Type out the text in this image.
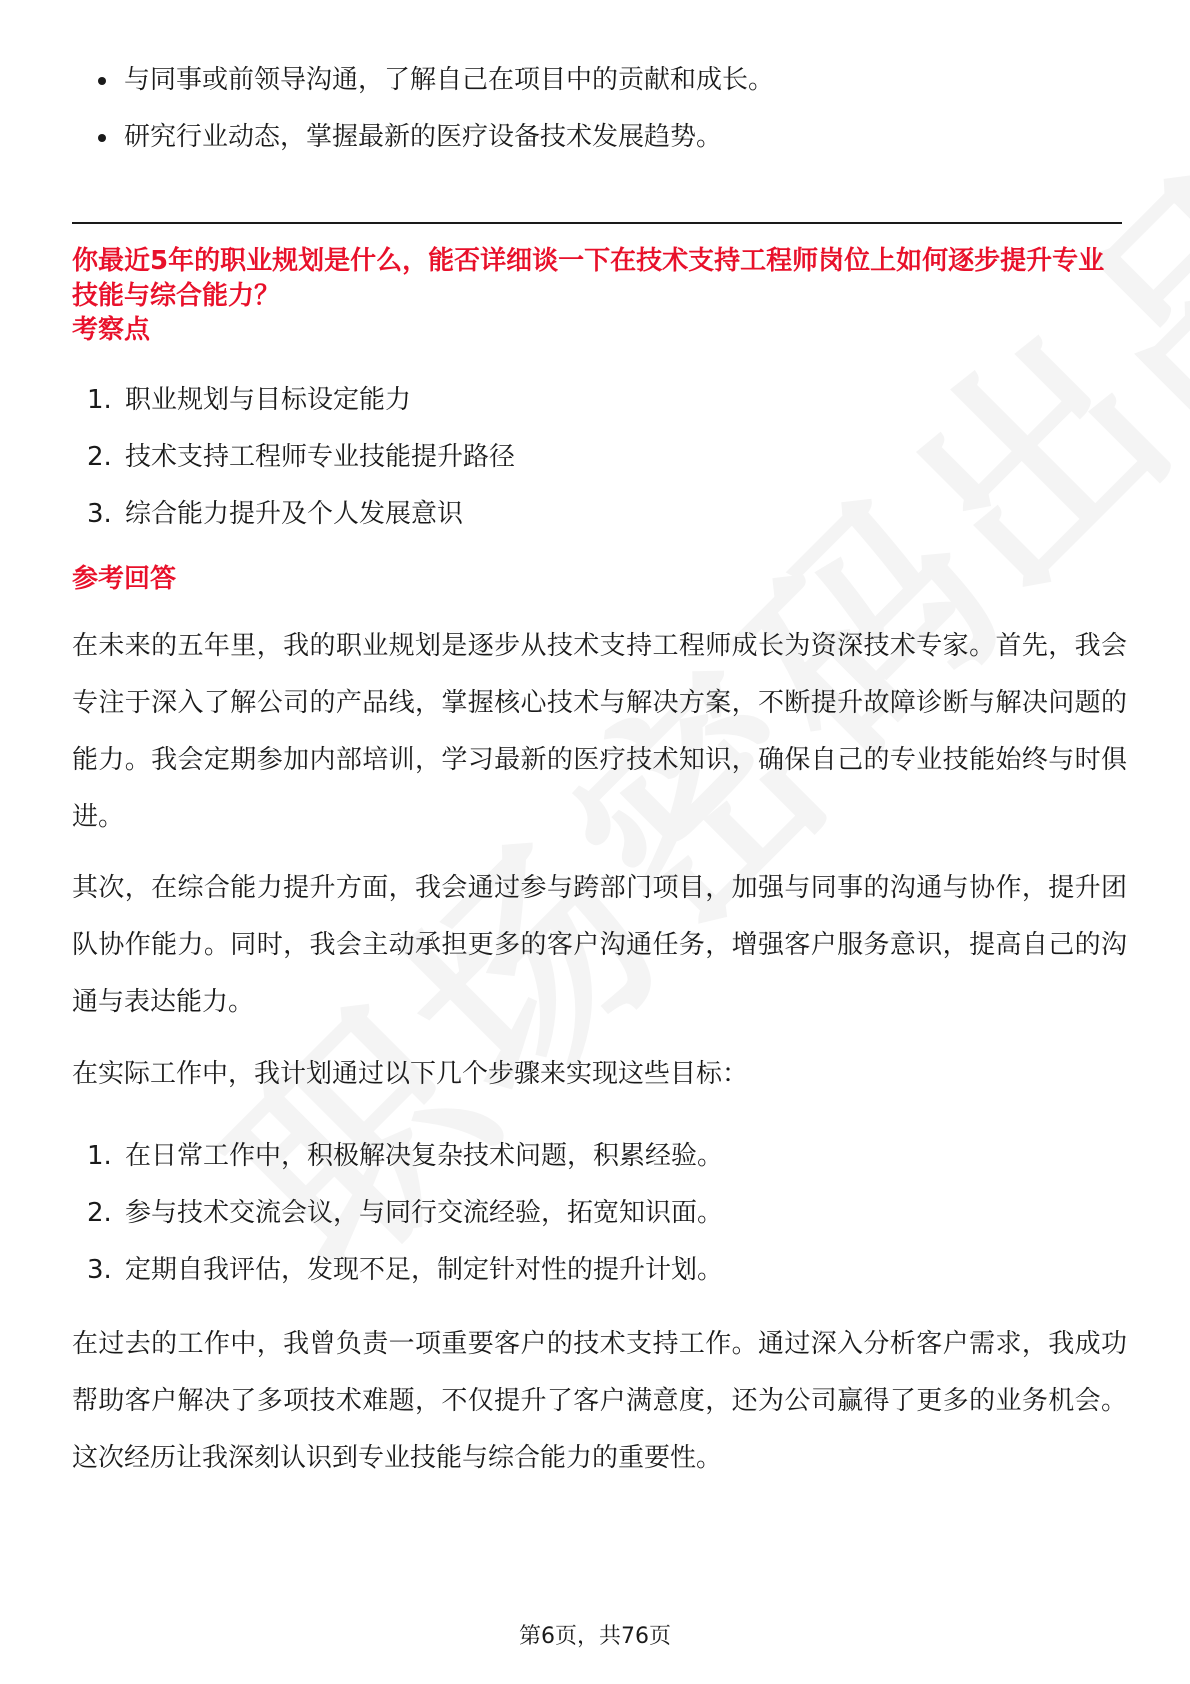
与同事或前领导沟通，了解自己在项目中的贡献和成长。
研究行业动态，掌握最新的医疗设备技术发展趋势。

你最近5年的职业规划是什么，能否详细谈一下在技术支持工程师岗位上如何逐步提升专业技能与综合能力？

考察点
1. 职业规划与目标设定能力
2. 技术支持工程师专业技能提升路径
3. 综合能力提升及个人发展意识
参考回答

在未来的五年里，我的职业规划是逐步从技术支持工程师成长为资深技术专家。首先，我会专注于深入了解公司的产品线，掌握核心技术与解决方案，不断提升故障诊断与解决问题的能力。我会定期参加内部培训，学习最新的医疗技术知识，确保自己的专业技能始终与时俱进。

其次，在综合能力提升方面，我会通过参与跨部门项目，加强与同事的沟通与协作，提升团队协作能力。同时，我会主动承担更多的客户沟通任务，增强客户服务意识，提高自己的沟通与表达能力。

在实际工作中，我计划通过以下几个步骤来实现这些目标：

1. 在日常工作中，积极解决复杂技术问题，积累经验。
2. 参与技术交流会议，与同行交流经验，拓宽知识面。
3. 定期自我评估，发现不足，制定针对性的提升计划。

在过去的工作中，我曾负责一项重要客户的技术支持工作。通过深入分析客户需求，我成功帮助客户解决了多项技术难题，不仅提升了客户满意度，还为公司赢得了更多的业务机会。这次经历让我深刻认识到专业技能与综合能力的重要性。

第6页，共76页
